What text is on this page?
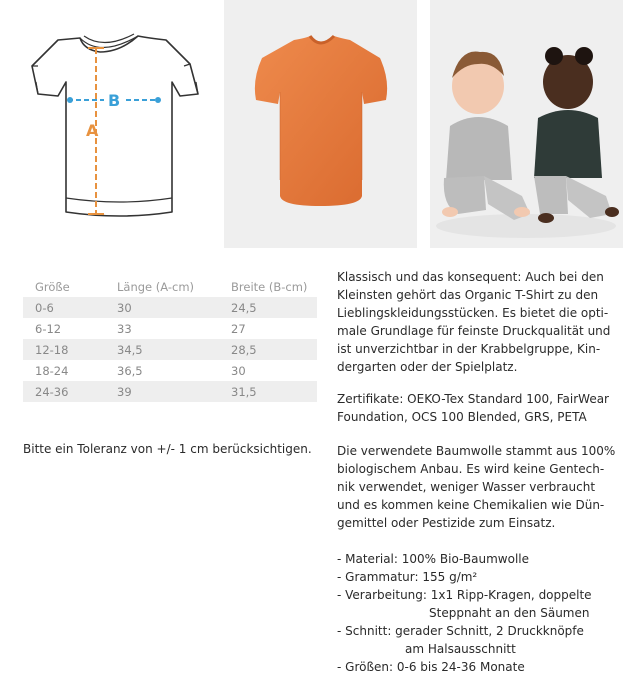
A
B
Größe	Länge (A-cm)	Breite (B-cm)
0-6	30	24,5
6-12	33	27
12-18	34,5	28,5
18-24	36,5	30
24-36	39	31,5
Bitte ein Toleranz von +/- 1 cm berücksichtigen.
Klassisch und das konsequent: Auch bei den
Kleinsten gehört das Organic T-Shirt zu den
Lieblingskleidungsstücken. Es bietet die opti-
male Grundlage für feinste Druckqualität und
ist unverzichtbar in der Krabbelgruppe, Kin-
dergarten oder der Spielplatz.
Zertifikate: OEKO-Tex Standard 100, FairWear
Foundation, OCS 100 Blended, GRS, PETA
Die verwendete Baumwolle stammt aus 100%
biologischem Anbau. Es wird keine Gentech-
nik verwendet, weniger Wasser verbraucht
und es kommen keine Chemikalien wie Dün-
gemittel oder Pestizide zum Einsatz.
- Material: 100% Bio-Baumwolle
- Grammatur: 155 g/m²
- Verarbeitung: 1x1 Ripp-Kragen, doppelte
Steppnaht an den Säumen
- Schnitt: gerader Schnitt, 2 Druckknöpfe
am Halsausschnitt
- Größen: 0-6 bis 24-36 Monate
